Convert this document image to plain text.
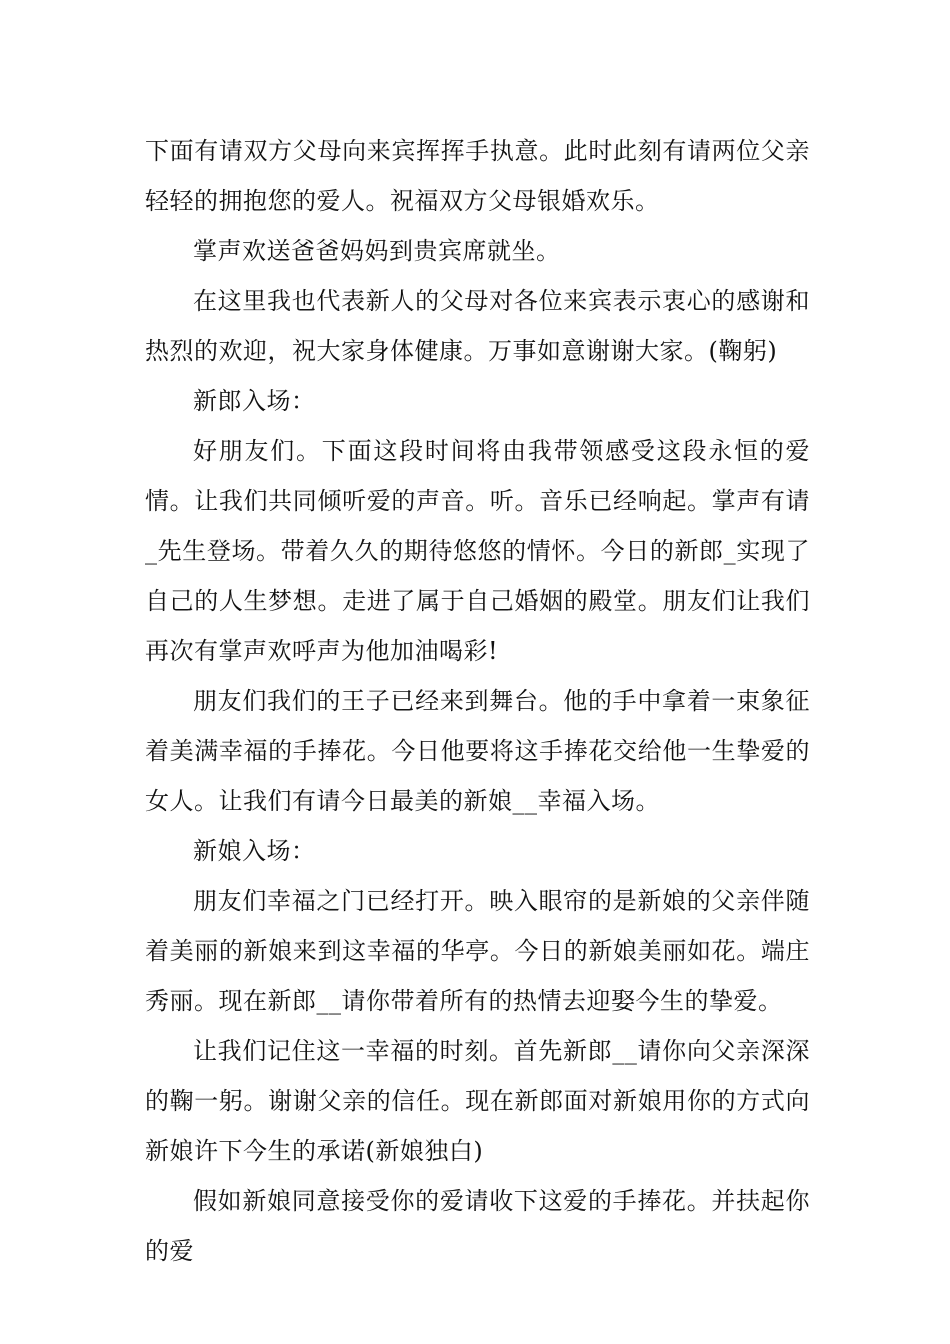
下面有请双方父母向来宾挥挥手执意。此时此刻有请两位父亲轻轻的拥抱您的爱人。祝福双方父母银婚欢乐。

掌声欢送爸爸妈妈到贵宾席就坐。

在这里我也代表新人的父母对各位来宾表示衷心的感谢和热烈的欢迎，祝大家身体健康。万事如意谢谢大家。(鞠躬)

新郎入场：

好朋友们。下面这段时间将由我带领感受这段永恒的爱情。让我们共同倾听爱的声音。听。音乐已经响起。掌声有请_先生登场。带着久久的期待悠悠的情怀。今日的新郎_实现了自己的人生梦想。走进了属于自己婚姻的殿堂。朋友们让我们再次有掌声欢呼声为他加油喝彩!

朋友们我们的王子已经来到舞台。他的手中拿着一束象征着美满幸福的手捧花。今日他要将这手捧花交给他一生挚爱的女人。让我们有请今日最美的新娘__幸福入场。

新娘入场：

朋友们幸福之门已经打开。映入眼帘的是新娘的父亲伴随着美丽的新娘来到这幸福的华亭。今日的新娘美丽如花。端庄秀丽。现在新郎__请你带着所有的热情去迎娶今生的挚爱。

让我们记住这一幸福的时刻。首先新郎__请你向父亲深深的鞠一躬。谢谢父亲的信任。现在新郎面对新娘用你的方式向新娘许下今生的承诺(新娘独白)

假如新娘同意接受你的爱请收下这爱的手捧花。并扶起你的爱
